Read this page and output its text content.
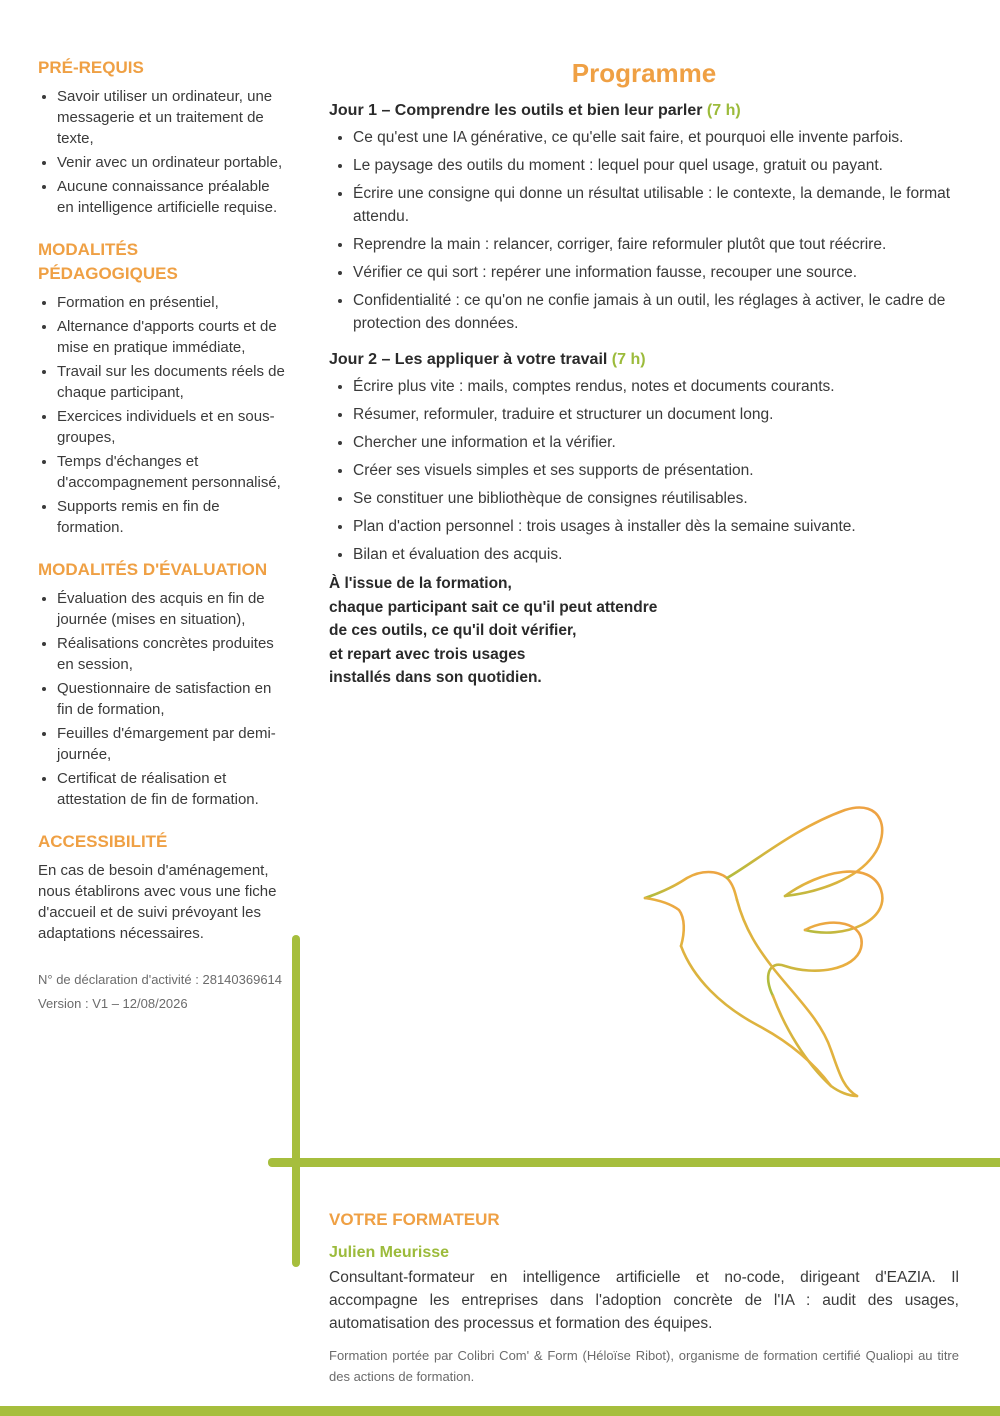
PRÉ-REQUIS
• Savoir utiliser un ordinateur, une messagerie et un traitement de texte,
• Venir avec un ordinateur portable,
• Aucune connaissance préalable en intelligence artificielle requise.
MODALITÉS
PÉDAGOGIQUES
• Formation en présentiel,
• Alternance d'apports courts et de mise en pratique immédiate,
• Travail sur les documents réels de chaque participant,
• Exercices individuels et en sous-groupes,
• Temps d'échanges et d'accompagnement personnalisé,
• Supports remis en fin de formation.
MODALITÉS D'ÉVALUATION
• Évaluation des acquis en fin de journée (mises en situation),
• Réalisations concrètes produites en session,
• Questionnaire de satisfaction en fin de formation,
• Feuilles d'émargement par demi-journée,
• Certificat de réalisation et attestation de fin de formation.
ACCESSIBILITÉ

En cas de besoin d'aménagement, nous établirons avec vous une fiche d'accueil et de suivi prévoyant les adaptations nécessaires.

N° de déclaration d'activité : 28140369614

Version : V1 – 12/08/2026

Programme
Jour 1 – Comprendre les outils et bien leur parler (7 h)
• Ce qu'est une IA générative, ce qu'elle sait faire, et pourquoi elle invente parfois.
• Le paysage des outils du moment : lequel pour quel usage, gratuit ou payant.
• Écrire une consigne qui donne un résultat utilisable : le contexte, la demande, le format attendu.
• Reprendre la main : relancer, corriger, faire reformuler plutôt que tout réécrire.
• Vérifier ce qui sort : repérer une information fausse, recouper une source.
• Confidentialité : ce qu'on ne confie jamais à un outil, les réglages à activer, le cadre de protection des données.
Jour 2 – Les appliquer à votre travail (7 h)
• Écrire plus vite : mails, comptes rendus, notes et documents courants.
• Résumer, reformuler, traduire et structurer un document long.
• Chercher une information et la vérifier.
• Créer ses visuels simples et ses supports de présentation.
• Se constituer une bibliothèque de consignes réutilisables.
• Plan d'action personnel : trois usages à installer dès la semaine suivante.
• Bilan et évaluation des acquis.
À l'issue de la formation,
chaque participant sait ce qu'il peut attendre
de ces outils, ce qu'il doit vérifier,
et repart avec trois usages
installés dans son quotidien.
VOTRE FORMATEUR
Julien Meurisse

Consultant-formateur en intelligence artificielle et no-code, dirigeant d'EAZIA. Il accompagne les entreprises dans l'adoption concrète de l'IA : audit des usages, automatisation des processus et formation des équipes.

Formation portée par Colibri Com' & Form (Héloïse Ribot), organisme de formation certifié Qualiopi au titre des actions de formation.
